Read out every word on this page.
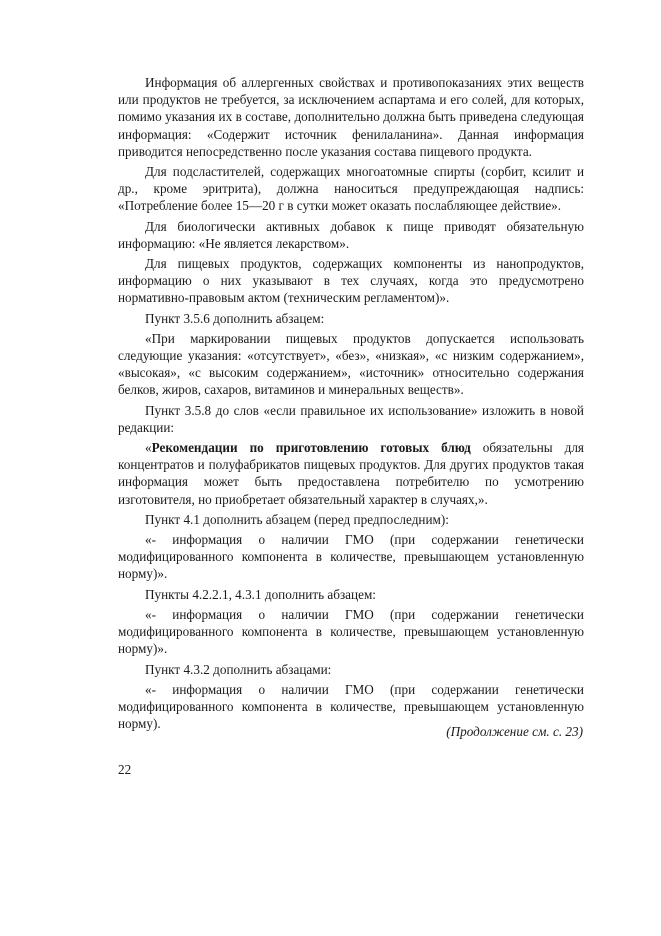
Информация об аллергенных свойствах и противопоказаниях этих веществ или продуктов не требуется, за исключением аспартама и его солей, для которых, помимо указания их в составе, дополнительно должна быть приведена следующая информация: «Содержит источник фенилаланина». Данная информация приводится непосредственно после указания состава пищевого продукта.

Для подсластителей, содержащих многоатомные спирты (сорбит, ксилит и др., кроме эритрита), должна наноситься предупреждающая надпись: «Потребление более 15—20 г в сутки может оказать послабляющее действие».

Для биологически активных добавок к пище приводят обязательную информацию: «Не является лекарством».

Для пищевых продуктов, содержащих компоненты из нанопродуктов, информацию о них указывают в тех случаях, когда это предусмотрено нормативно-правовым актом (техническим регламентом)».

Пункт 3.5.6 дополнить абзацем:

«При маркировании пищевых продуктов допускается использовать следующие указания: «отсутствует», «без», «низкая», «с низким содержанием», «высокая», «с высоким содержанием», «источник» относительно содержания белков, жиров, сахаров, витаминов и минеральных веществ».

Пункт 3.5.8 до слов «если правильное их использование» изложить в новой редакции:

«Рекомендации по приготовлению готовых блюд обязательны для концентратов и полуфабрикатов пищевых продуктов. Для других продуктов такая информация может быть предоставлена потребителю по усмотрению изготовителя, но приобретает обязательный характер в случаях,».

Пункт 4.1 дополнить абзацем (перед предпоследним):

«- информация о наличии ГМО (при содержании генетически модифицированного компонента в количестве, превышающем установленную норму)».

Пункты 4.2.2.1, 4.3.1 дополнить абзацем:

«- информация о наличии ГМО (при содержании генетически модифицированного компонента в количестве, превышающем установленную норму)».

Пункт 4.3.2 дополнить абзацами:

«- информация о наличии ГМО (при содержании генетически модифицированного компонента в количестве, превышающем установленную норму).

(Продолжение см. с. 23)
22
